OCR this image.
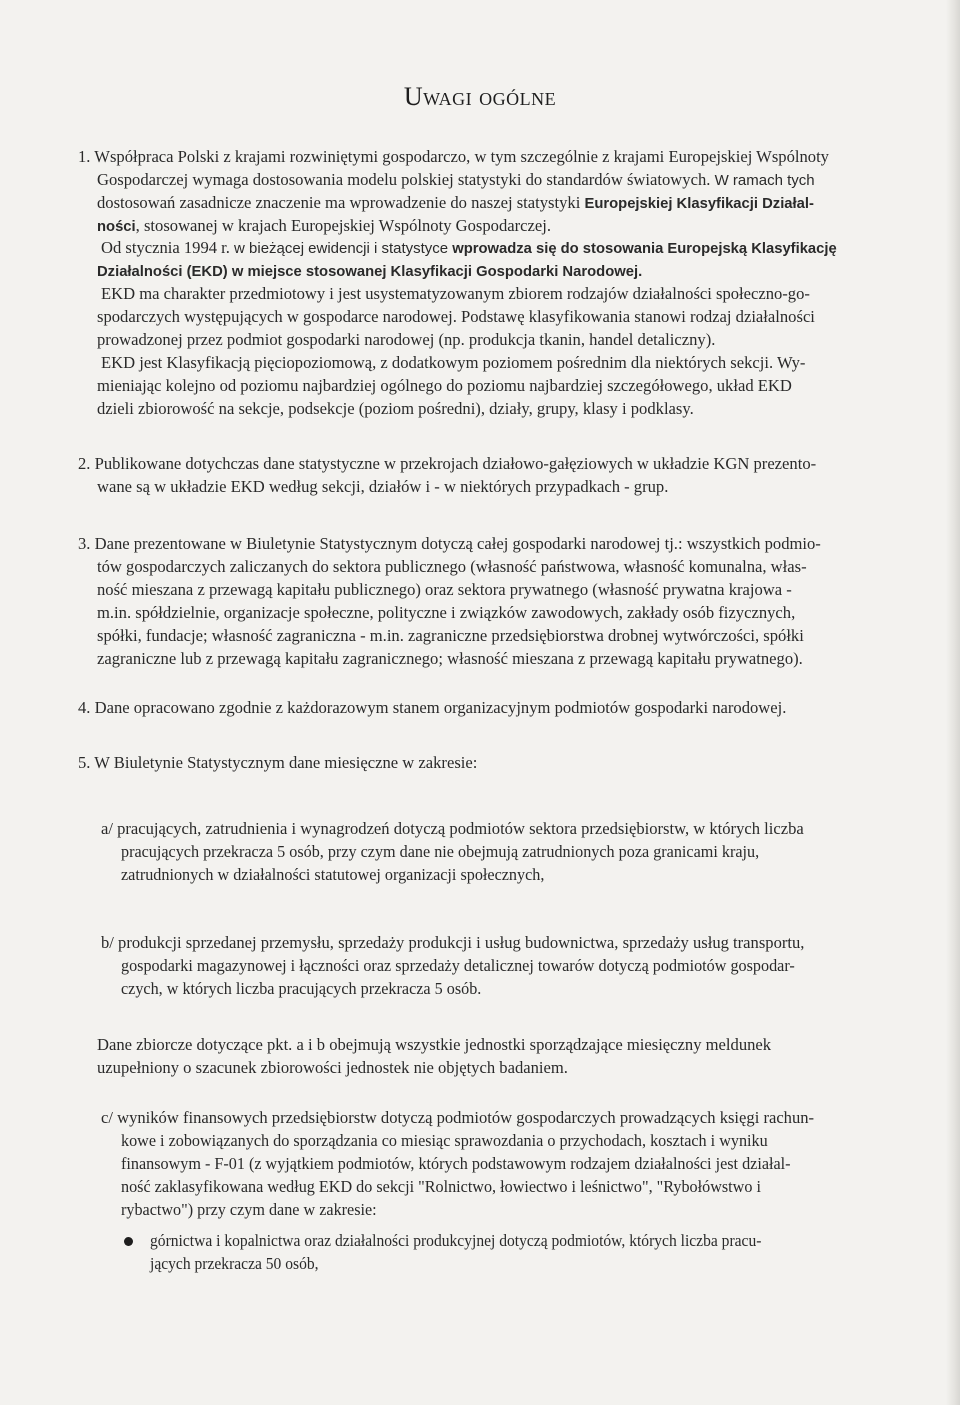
Uwagi ogólne
1. Współpraca Polski z krajami rozwiniętymi gospodarczo, w tym szczególnie z krajami Europejskiej Wspólnoty
Gospodarczej wymaga dostosowania modelu polskiej statystyki do standardów światowych. W ramach tych
dostosowań zasadnicze znaczenie ma wprowadzenie do naszej statystyki Europejskiej Klasyfikacji Działal-
ności, stosowanej w krajach Europejskiej Wspólnoty Gospodarczej.
Od stycznia 1994 r. w bieżącej ewidencji i statystyce wprowadza się do stosowania Europejską Klasyfikację
Działalności (EKD) w miejsce stosowanej Klasyfikacji Gospodarki Narodowej.
EKD ma charakter przedmiotowy i jest usystematyzowanym zbiorem rodzajów działalności społeczno-go-
spodarczych występujących w gospodarce narodowej. Podstawę klasyfikowania stanowi rodzaj działalności
prowadzonej przez podmiot gospodarki narodowej (np. produkcja tkanin, handel detaliczny).
EKD jest Klasyfikacją pięciopoziomową, z dodatkowym poziomem pośrednim dla niektórych sekcji. Wy-
mieniając kolejno od poziomu najbardziej ogólnego do poziomu najbardziej szczegółowego, układ EKD
dzieli zbiorowość na sekcje, podsekcje (poziom pośredni), działy, grupy, klasy i podklasy.
2. Publikowane dotychczas dane statystyczne w przekrojach działowo-gałęziowych w układzie KGN prezento-
wane są w układzie EKD według sekcji, działów i - w niektórych przypadkach - grup.
3. Dane prezentowane w Biuletynie Statystycznym dotyczą całej gospodarki narodowej tj.: wszystkich podmio-
tów gospodarczych zaliczanych do sektora publicznego (własność państwowa, własność komunalna, włas-
ność mieszana z przewagą kapitału publicznego) oraz sektora prywatnego (własność prywatna krajowa -
m.in. spółdzielnie, organizacje społeczne, polityczne i związków zawodowych, zakłady osób fizycznych,
spółki, fundacje; własność zagraniczna - m.in. zagraniczne przedsiębiorstwa drobnej wytwórczości, spółki
zagraniczne lub z przewagą kapitału zagranicznego; własność mieszana z przewagą kapitału prywatnego).
4. Dane opracowano zgodnie z każdorazowym stanem organizacyjnym podmiotów gospodarki narodowej.
5. W Biuletynie Statystycznym dane miesięczne w zakresie:
a/ pracujących, zatrudnienia i wynagrodzeń dotyczą podmiotów sektora przedsiębiorstw, w których liczba
pracujących przekracza 5 osób, przy czym dane nie obejmują zatrudnionych poza granicami kraju,
zatrudnionych w działalności statutowej organizacji społecznych,
b/ produkcji sprzedanej przemysłu, sprzedaży produkcji i usług budownictwa, sprzedaży usług transportu,
gospodarki magazynowej i łączności oraz sprzedaży detalicznej towarów dotyczą podmiotów gospodar-
czych, w których liczba pracujących przekracza 5 osób.
Dane zbiorcze dotyczące pkt. a i b obejmują wszystkie jednostki sporządzające miesięczny meldunek
uzupełniony o szacunek zbiorowości jednostek nie objętych badaniem.
c/ wyników finansowych przedsiębiorstw dotyczą podmiotów gospodarczych prowadzących księgi rachun-
kowe i zobowiązanych do sporządzania co miesiąc sprawozdania o przychodach, kosztach i wyniku
finansowym - F-01 (z wyjątkiem podmiotów, których podstawowym rodzajem działalności jest działal-
ność zaklasyfikowana według EKD do sekcji "Rolnictwo, łowiectwo i leśnictwo", "Rybołówstwo i
rybactwo") przy czym dane w zakresie:
górnictwa i kopalnictwa oraz działalności produkcyjnej dotyczą podmiotów, których liczba pracu-
jących przekracza 50 osób,
